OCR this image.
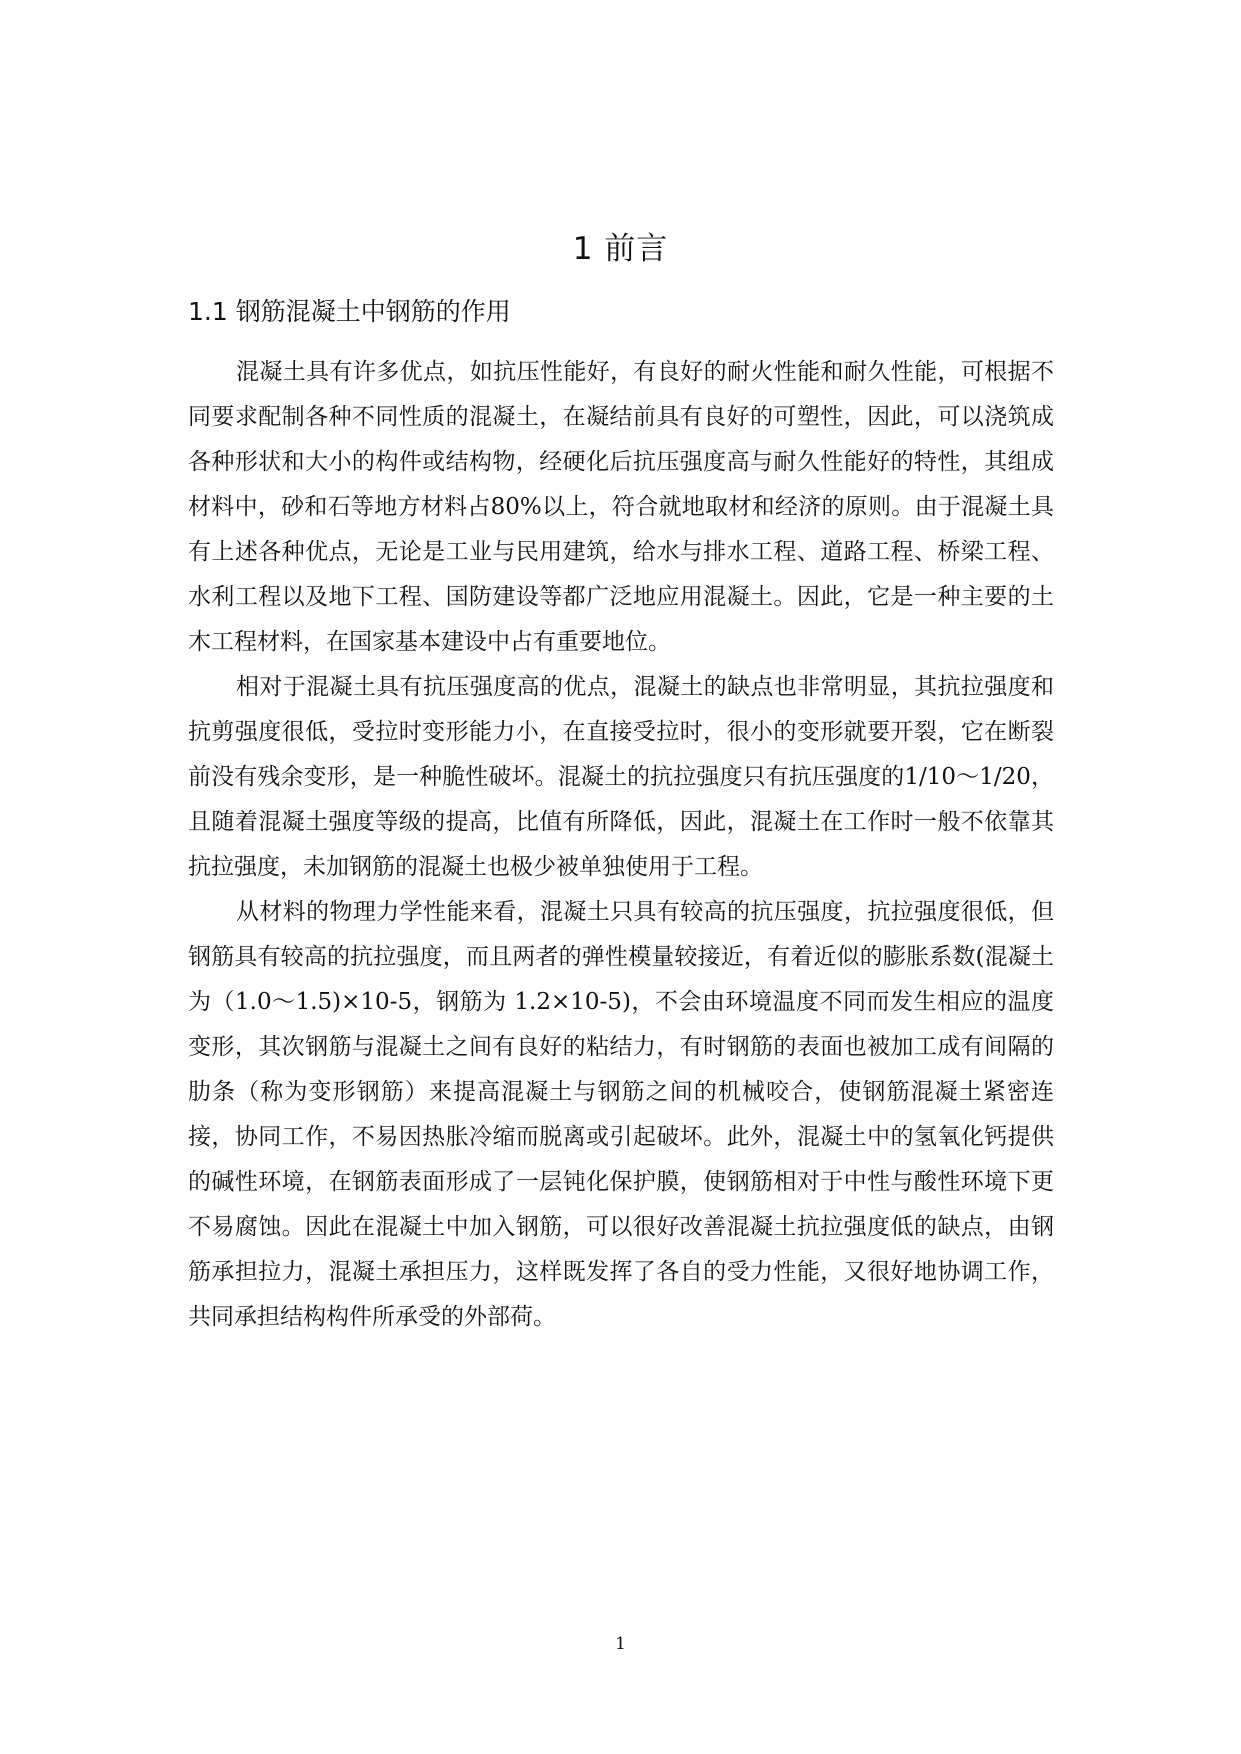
1 前言
1.1 钢筋混凝土中钢筋的作用

混凝土具有许多优点，如抗压性能好，有良好的耐火性能和耐久性能，可根据不同要求配制各种不同性质的混凝土，在凝结前具有良好的可塑性，因此，可以浇筑成各种形状和大小的构件或结构物，经硬化后抗压强度高与耐久性能好的特性，其组成材料中，砂和石等地方材料占80%以上，符合就地取材和经济的原则。由于混凝土具有上述各种优点，无论是工业与民用建筑，给水与排水工程、道路工程、桥梁工程、水利工程以及地下工程、国防建设等都广泛地应用混凝土。因此，它是一种主要的土木工程材料，在国家基本建设中占有重要地位。

相对于混凝土具有抗压强度高的优点，混凝土的缺点也非常明显，其抗拉强度和抗剪强度很低，受拉时变形能力小，在直接受拉时，很小的变形就要开裂，它在断裂前没有残余变形，是一种脆性破坏。混凝土的抗拉强度只有抗压强度的1/10～1/20，且随着混凝土强度等级的提高，比值有所降低，因此，混凝土在工作时一般不依靠其抗拉强度，未加钢筋的混凝土也极少被单独使用于工程。

从材料的物理力学性能来看，混凝土只具有较高的抗压强度，抗拉强度很低，但钢筋具有较高的抗拉强度，而且两者的弹性模量较接近，有着近似的膨胀系数(混凝土为（1.0～1.5)×10-5，钢筋为 1.2×10-5)，不会由环境温度不同而发生相应的温度变形，其次钢筋与混凝土之间有良好的粘结力，有时钢筋的表面也被加工成有间隔的肋条（称为变形钢筋）来提高混凝土与钢筋之间的机械咬合，使钢筋混凝土紧密连接，协同工作，不易因热胀冷缩而脱离或引起破坏。此外，混凝土中的氢氧化钙提供的碱性环境，在钢筋表面形成了一层钝化保护膜，使钢筋相对于中性与酸性环境下更不易腐蚀。因此在混凝土中加入钢筋，可以很好改善混凝土抗拉强度低的缺点，由钢筋承担拉力，混凝土承担压力，这样既发挥了各自的受力性能，又很好地协调工作，共同承担结构构件所承受的外部荷。

1
